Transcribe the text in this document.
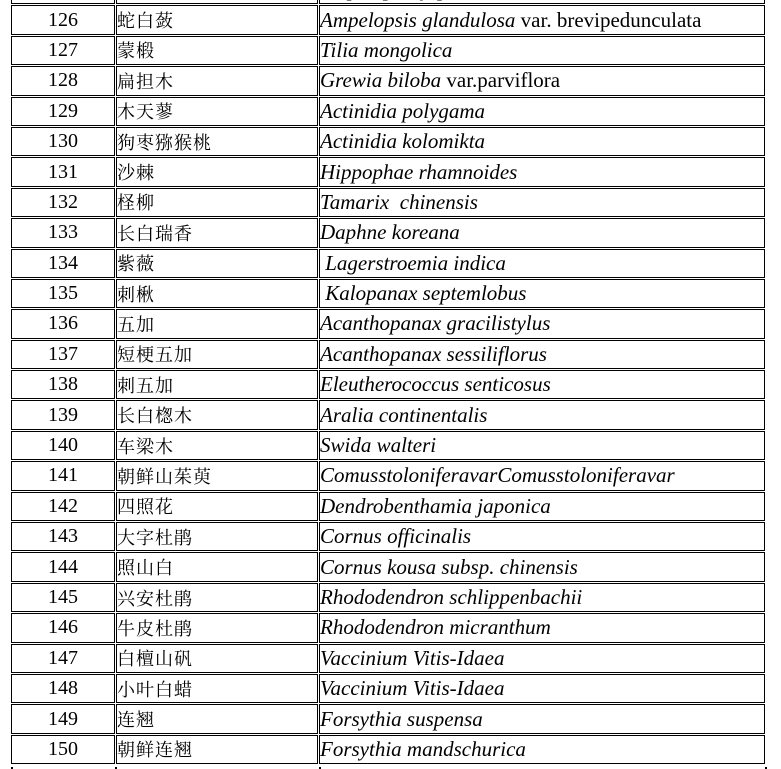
126	蛇白蔹	Ampelopsis glandulosa var. brevipedunculata
127	蒙椴	Tilia mongolica
128	扁担木	Grewia biloba var.parviflora
129	木天蓼	Actinidia polygama
130	狗枣猕猴桃	Actinidia kolomikta
131	沙棘	Hippophae rhamnoides
132	柽柳	Tamarix  chinensis
133	长白瑞香	Daphne koreana
134	紫薇	Lagerstroemia indica
135	刺楸	Kalopanax septemlobus
136	五加	Acanthopanax gracilistylus
137	短梗五加	Acanthopanax sessiliflorus
138	刺五加	Eleutherococcus senticosus
139	长白楤木	Aralia continentalis
140	车梁木	Swida walteri
141	朝鲜山茱萸	ComusstoloniferavarComusstoloniferavar
142	四照花	Dendrobenthamia japonica
143	大字杜鹃	Cornus officinalis
144	照山白	Cornus kousa subsp. chinensis
145	兴安杜鹃	Rhododendron schlippenbachii
146	牛皮杜鹃	Rhododendron micranthum
147	白檀山矾	Vaccinium Vitis-Idaea
148	小叶白蜡	Vaccinium Vitis-Idaea
149	连翘	Forsythia suspensa
150	朝鲜连翘	Forsythia mandschurica
